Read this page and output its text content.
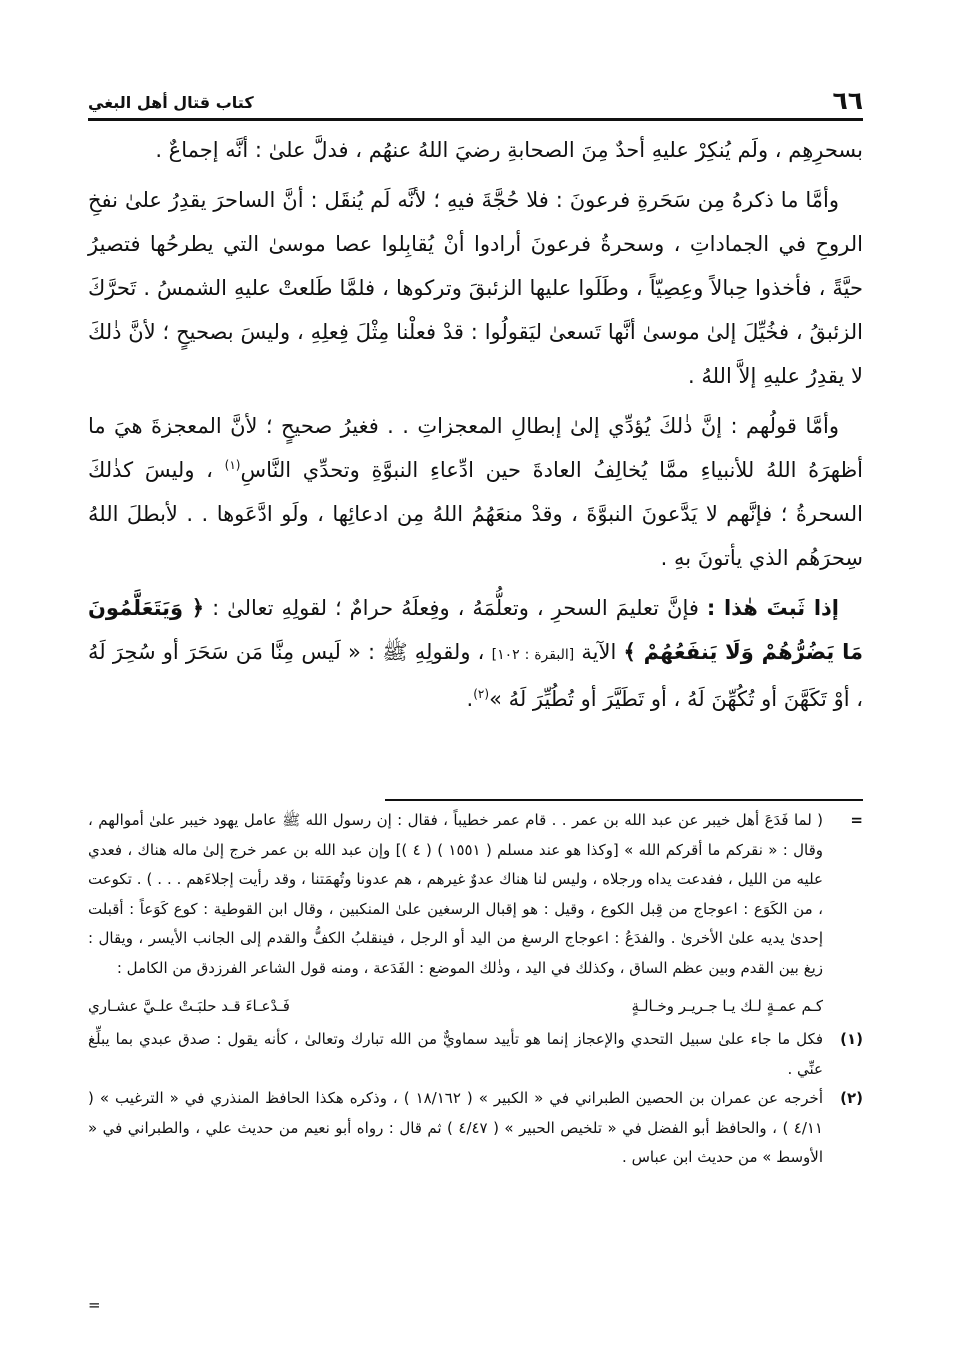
٦٦
كتاب قتال أهل البغي

بسحرِهِم ، ولَم يُنكِرْ عليهِ أحدٌ مِنَ الصحابةِ رضيَ اللهُ عنهُم ، فدلَّ علىٰ : أنَّه إجماعٌ .

وأمَّا ما ذكرهُ مِن سَحَرةِ فرعونَ : فلا حُجَّةَ فيهِ ؛ لأنَّه لَم يُنقَل : أنَّ الساحرَ يقدِرُ علىٰ نفخِ الروحِ في الجماداتِ ، وسحرةُ فرعونَ أرادوا أنْ يُقابِلوا عصا موسىٰ التي يطرحُها فتصيرُ حيَّةً ، فأخذوا حِبالاً وعِصِيّاً ، وطَلَوا عليها الزئبقَ وتركوها ، فلمَّا طَلعتْ عليهِ الشمسُ . تَحرَّكَ الزئبقُ ، فخُيِّلَ إلىٰ موسىٰ أنَّها تَسعىٰ ليَقولُوا : قدْ فعلْنا مِثْلَ فِعلِهِ ، وليسَ بصحيحٍ ؛ لأنَّ ذٰلكَ لا يقدِرُ عليهِ إلاَّ اللهُ .

وأمَّا قولُهم : إنَّ ذٰلكَ يُؤدِّي إلىٰ إبطالِ المعجزاتِ . . فغيرُ صحيحٍ ؛ لأنَّ المعجزةَ هيَ ما أظهرَهُ اللهُ للأنبياءِ ممَّا يُخالِفُ العادةَ حين ادِّعاءِ النبوَّةِ وتحدِّي النَّاسِ$^{(١)}$ ، وليسَ كذٰلكَ السحرةُ ؛ فإنَّهم لا يَدَّعونَ النبوَّةَ ، وقدْ منعَهُمُ اللهُ مِن ادعائِها ، ولَو ادَّعَوها . . لأبطلَ اللهُ سِحرَهُم الذي يأتونَ بهِ .

إذا ثَبتَ هٰذا : فإنَّ تعليمَ السحرِ ، وتعلُّمَهُ ، وفِعلَهُ حرامٌ ؛ لقولِهِ تعالىٰ : ﴿ وَيَتَعَلَّمُونَ مَا يَضُرُّهُمْ وَلَا يَنفَعُهُمْ ﴾ الآية [البقرة : ١٠٢] ، ولقولِهِ ﷺ : « لَيس مِنَّا مَن سَحَرَ أو سُحِرَ لَهُ ، أوْ تَكَهَّنَ أو تُكُهِّنَ لَهُ ، أو تَطَيَّرَ أو تُطُيِّرَ لَهُ »$^{(٢)}$.

=
( لما فَدَعَ أهل خيبر عن عبد الله بن عمر . . قام عمر خطيباً ، فقال : إن رسول الله ﷺ عامل يهود خيبر علىٰ أموالهم ، وقال : « نقركم ما أقركم الله » [وكذا هو عند مسلم ( ١٥٥١ ) ( ٤ )] وإن عبد الله بن عمر خرج إلىٰ ماله هناك ، فعدي عليه من الليل ، ففدعت يداه ورجلاه ، وليس لنا هناك عدوٌ غيرهم ، هم عدونا وتُهمَتنا ، وقد رأيت إجلاءَهم . . . ) . تكوعت ، من الكَوَع : اعوجاج من قِبل الكوع ، وقيل : هو إقبال الرسغين علىٰ المنكبين ، وقال ابن القوطية : كوع كَوَعاً : أقبلت إحدىٰ يديه علىٰ الأخرىٰ . والفدَعُ : اعوجاج الرسغ من اليد أو الرجل ، فينقلبُ الكفُّ والقدم إلى الجانب الأيسر ، ويقال : زيغ بين القدم وبين عظم الساق ، وكذلك في اليد ، وذٰلك الموضع : الفَدَعة ، ومنه قول الشاعر الفرزدق من الكامل :
كـم عمـةٍ لـك يـا جـريـر وخـالـةٍ
فَـدْعـاءَ قـد حلبَـتْ علـيَّ عشـاري
(١)
فكل ما جاء علىٰ سبيل التحدي والإعجاز إنما هو تأييد سماويٌّ من الله تبارك وتعالىٰ ، كأنه يقول : صدق عبدي بما يبلِّغ عنِّي .
(٢)
أخرجه عن عمران بن الحصين الطبراني في « الكبير » ( ١٨/١٦٢ ) ، وذكره هكذا الحافظ المنذري في « الترغيب » ( ٤/١١ ) ، والحافظ أبو الفضل في « تلخيص الحبير » ( ٤/٤٧ ) ثم قال : رواه أبو نعيم من حديث علي ، والطبراني في « الأوسط » من حديث ابن عباس .
=
